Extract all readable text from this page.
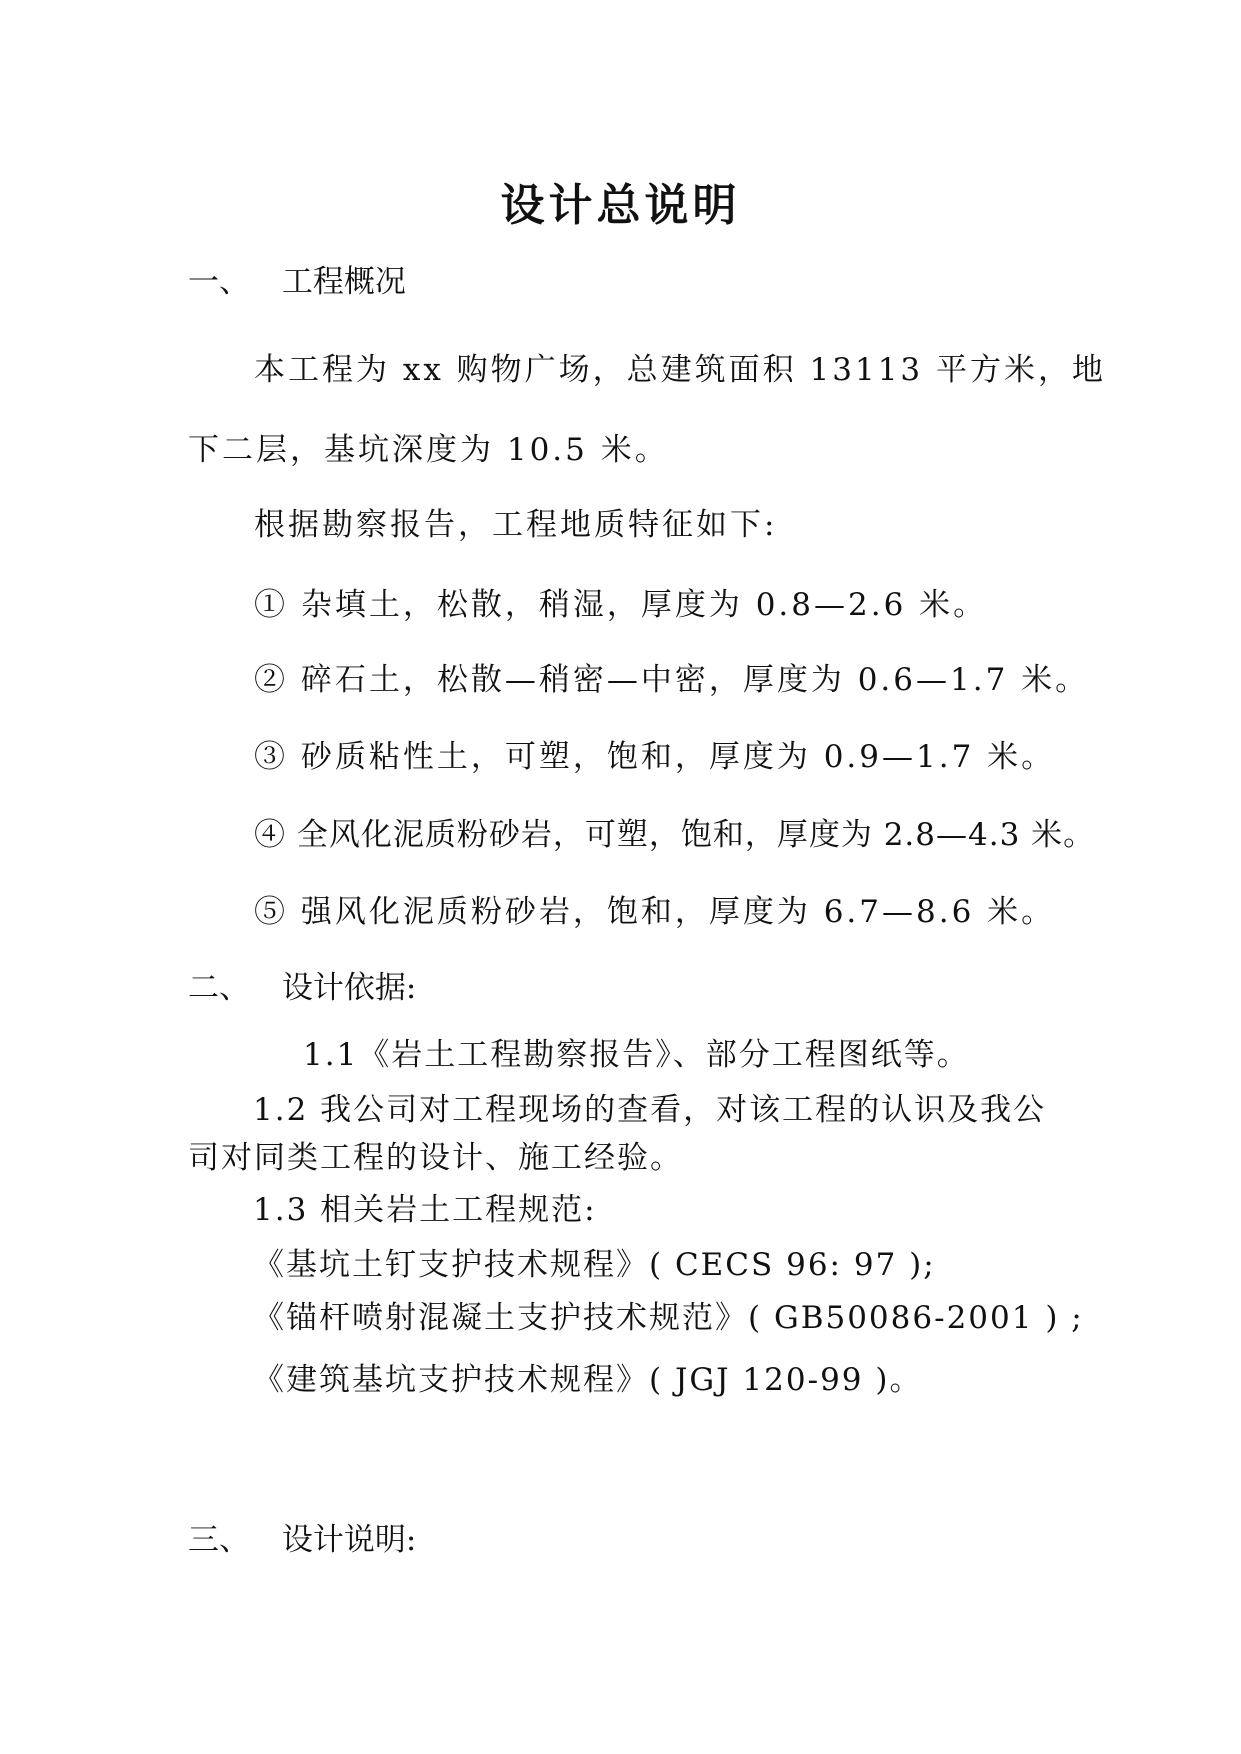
设计总说明
一、 工程概况
本工程为 xx 购物广场，总建筑面积 13113 平方米，地
下二层，基坑深度为 10.5 米。
根据勘察报告，工程地质特征如下:
① 杂填土，松散，稍湿，厚度为 0.8—2.6 米。
② 碎石土，松散—稍密—中密，厚度为 0.6—1.7 米。
③ 砂质粘性土，可塑，饱和，厚度为 0.9—1.7 米。
④ 全风化泥质粉砂岩，可塑，饱和，厚度为 2.8—4.3 米。
⑤ 强风化泥质粉砂岩，饱和，厚度为 6.7—8.6 米。
二、 设计依据:
1.1《岩土工程勘察报告》、部分工程图纸等。
1.2 我公司对工程现场的查看，对该工程的认识及我公
司对同类工程的设计、施工经验。
1.3 相关岩土工程规范:
《基坑土钉支护技术规程》( CECS 96: 97 );
《锚杆喷射混凝土支护技术规范》( GB50086-2001 ) ;
《建筑基坑支护技术规程》( JGJ 120-99 )。
三、 设计说明:
